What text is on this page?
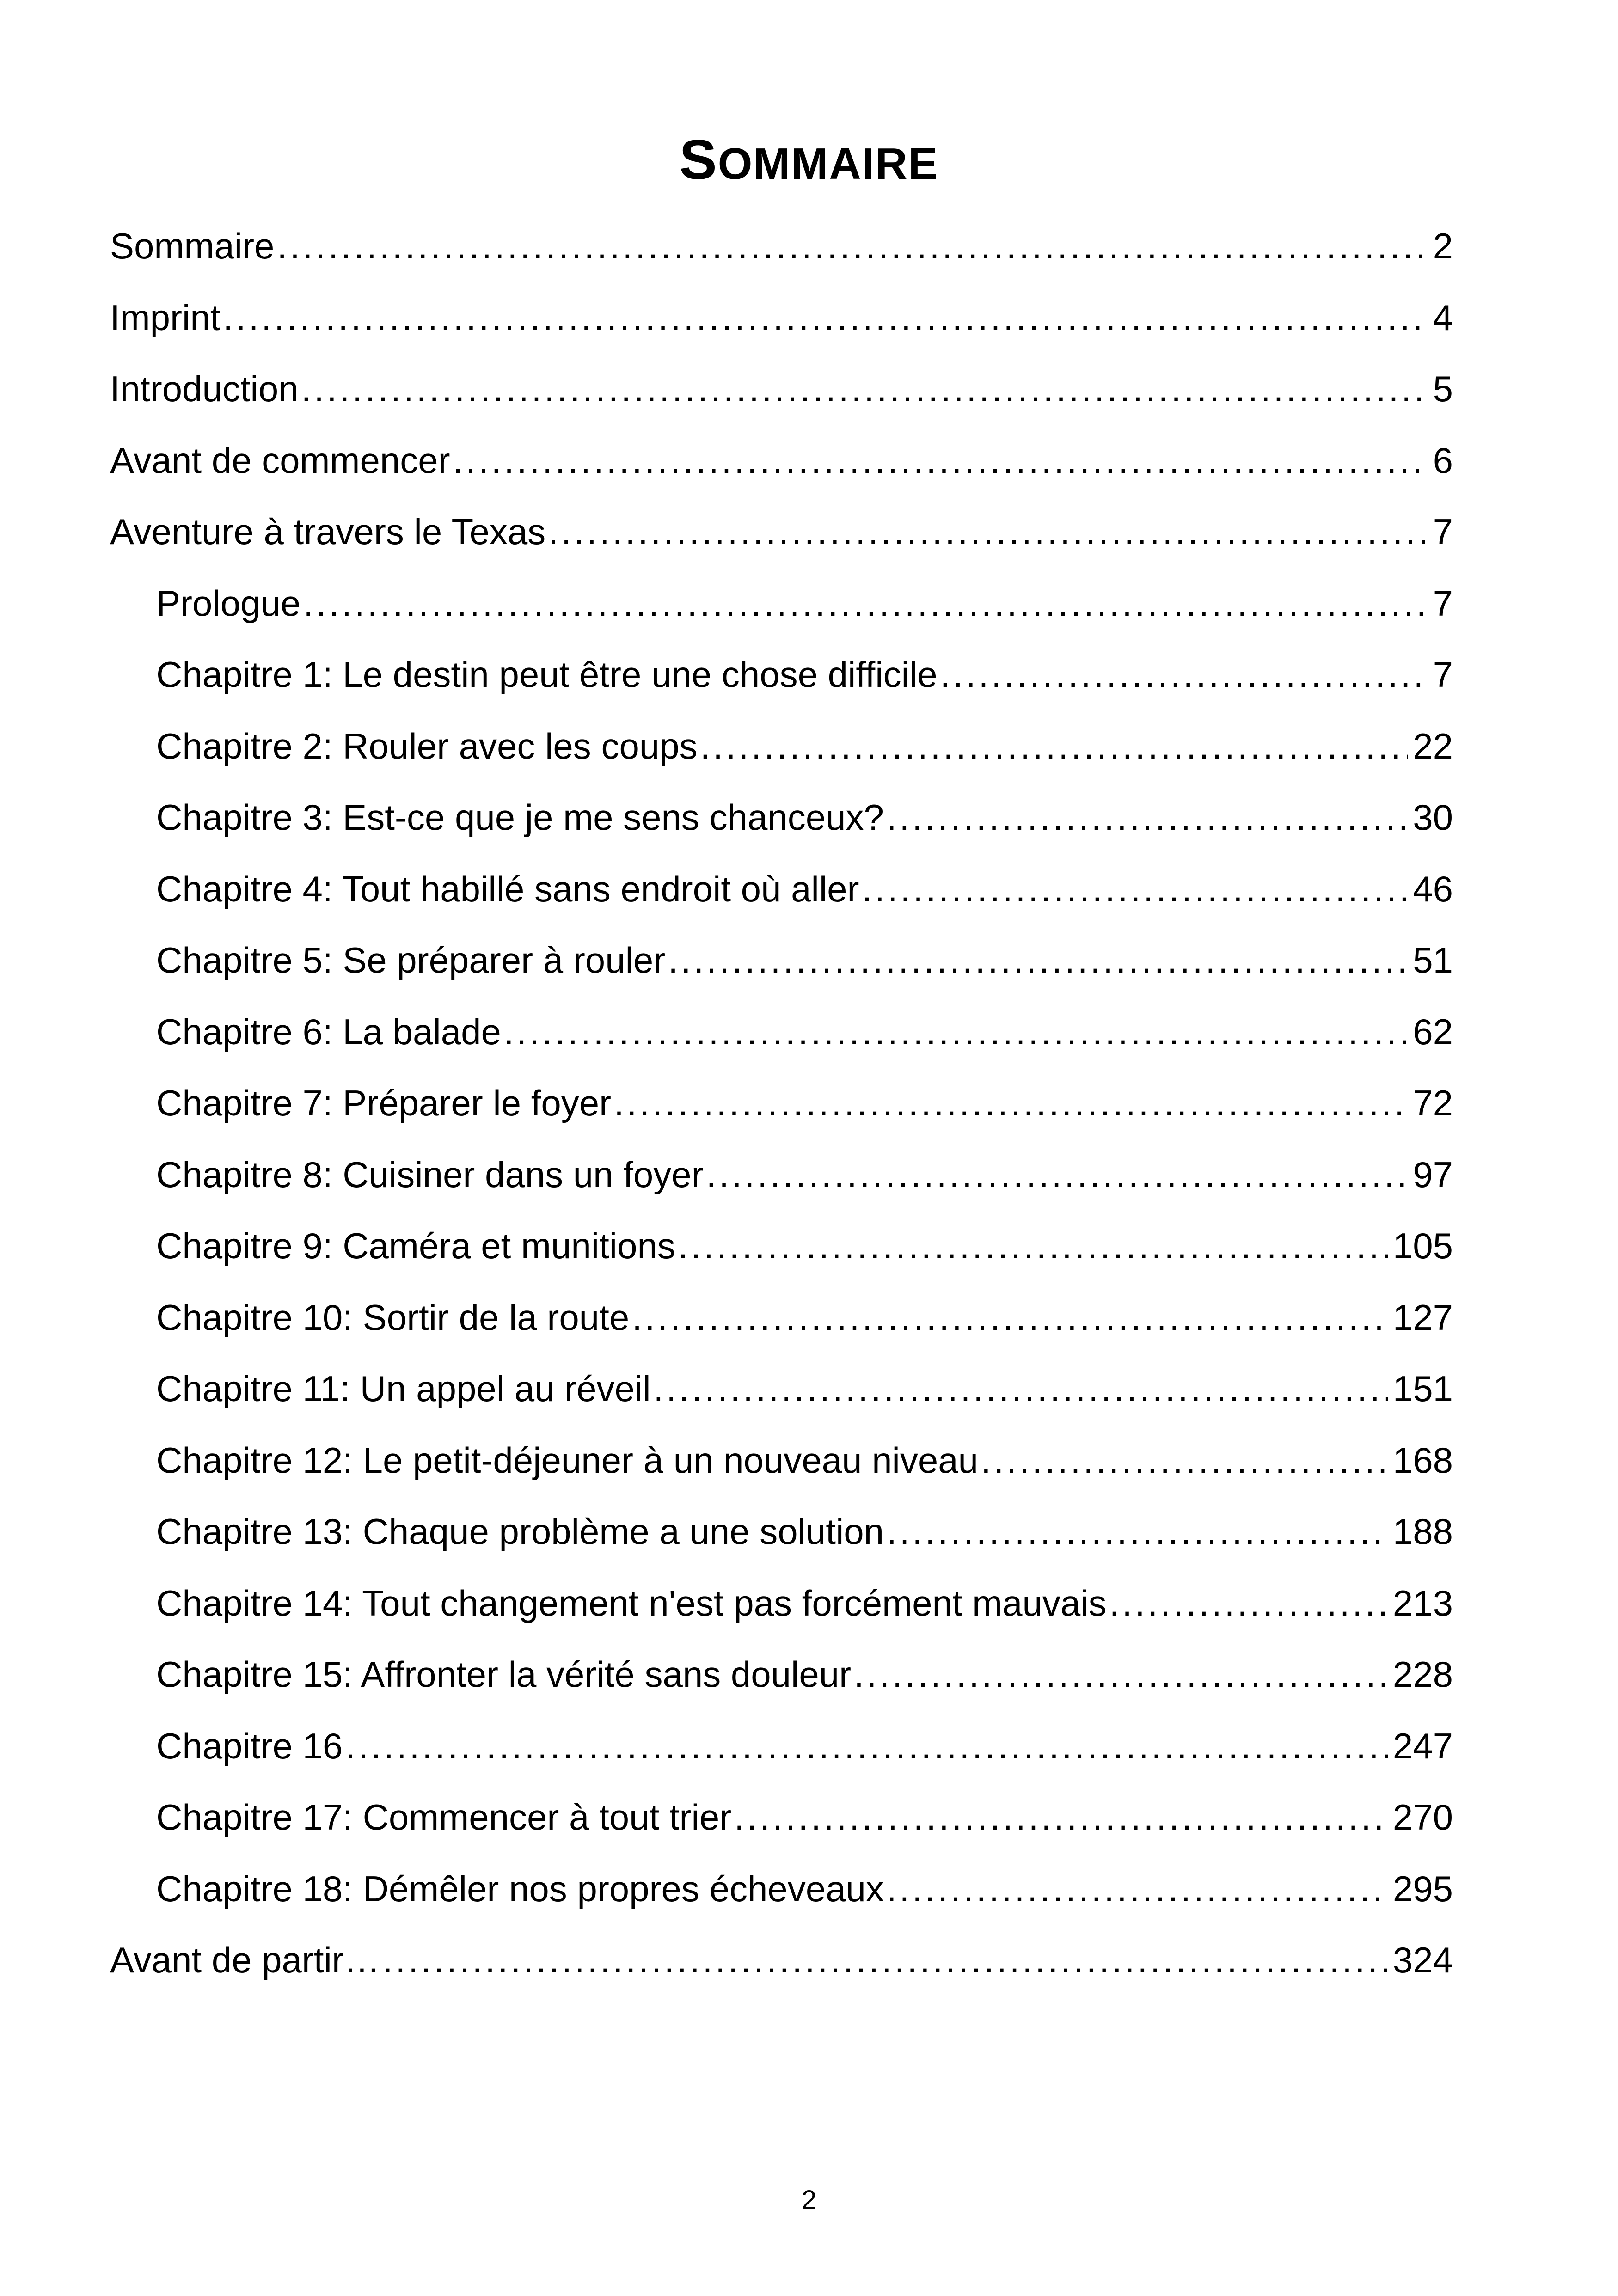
SOMMAIRE
Sommaire .....	2
Imprint .....	4
Introduction .....	5
Avant de commencer .....	6
Aventure à travers le Texas .....	7
Prologue .....	7
Chapitre 1: Le destin peut être une chose difficile .....	7
Chapitre 2: Rouler avec les coups .....	22
Chapitre 3: Est-ce que je me sens chanceux? .....	30
Chapitre 4: Tout habillé sans endroit où aller .....	46
Chapitre 5: Se préparer à rouler .....	51
Chapitre 6: La balade .....	62
Chapitre 7: Préparer le foyer .....	72
Chapitre 8: Cuisiner dans un foyer .....	97
Chapitre 9: Caméra et munitions .....	105
Chapitre 10: Sortir de la route .....	127
Chapitre 11: Un appel au réveil .....	151
Chapitre 12: Le petit-déjeuner à un nouveau niveau .....	168
Chapitre 13: Chaque problème a une solution .....	188
Chapitre 14: Tout changement n'est pas forcément mauvais .....	213
Chapitre 15: Affronter la vérité sans douleur .....	228
Chapitre 16 .....	247
Chapitre 17: Commencer à tout trier .....	270
Chapitre 18: Démêler nos propres écheveaux .....	295
Avant de partir… .....	324
2
